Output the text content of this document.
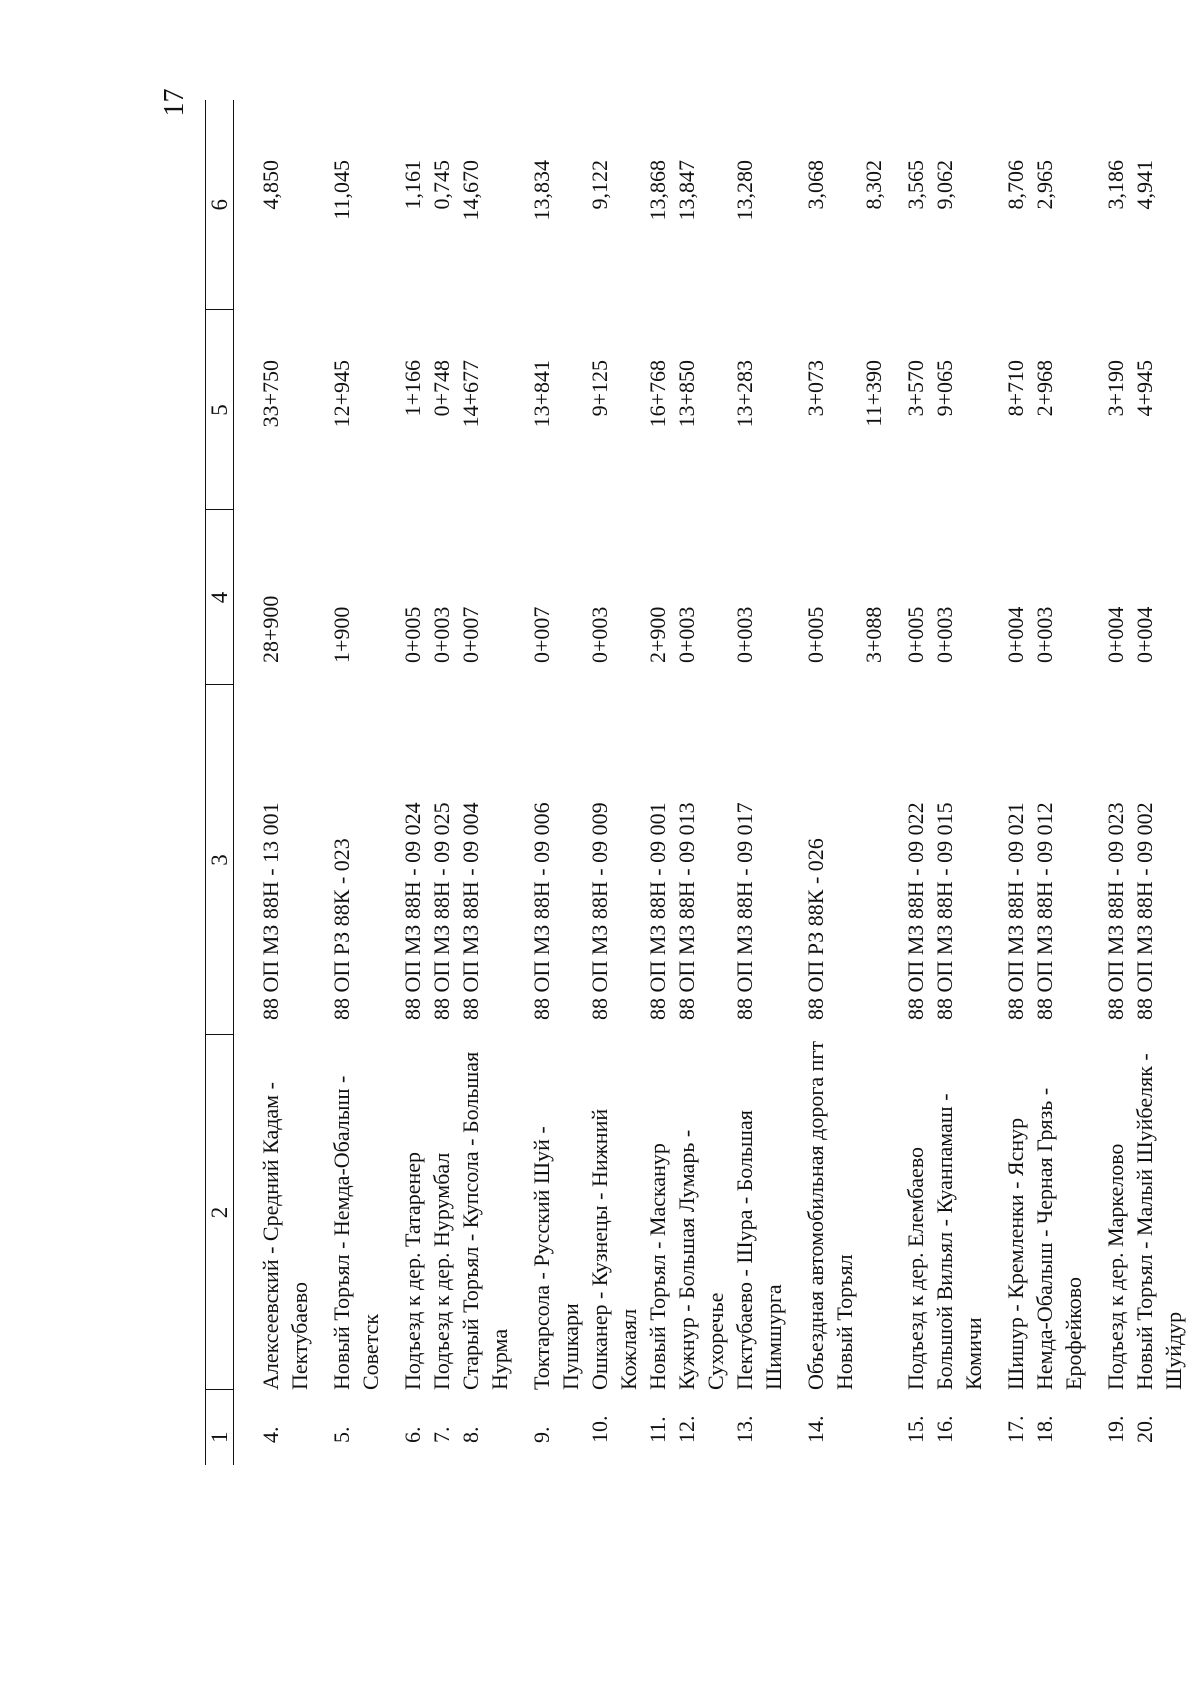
17
1	2	3	4	5	6
4.	Алексеевский - Средний Кадам - Пектубаево	88 ОП МЗ 88Н - 13 001	28+900	33+750	4,850
5.	Новый Торъял - Немда-Обалыш - Советск	88 ОП РЗ 88К - 023	1+900	12+945	11,045
6.	Подъезд к дер. Татаренер	88 ОП МЗ 88Н - 09 024	0+005	1+166	1,161
7.	Подъезд к дер. Нурумбал	88 ОП МЗ 88Н - 09 025	0+003	0+748	0,745
8.	Старый Торъял - Купсола - Большая Нурма	88 ОП МЗ 88Н - 09 004	0+007	14+677	14,670
9.	Токтарсола - Русский Шуй - Пушкари	88 ОП МЗ 88Н - 09 006	0+007	13+841	13,834
10.	Ошканер - Кузнецы - Нижний Кожлаял	88 ОП МЗ 88Н - 09 009	0+003	9+125	9,122
11.	Новый Торъял - Масканур	88 ОП МЗ 88Н - 09 001	2+900	16+768	13,868
12.	Кужнур - Большая Лумарь - Сухоречье	88 ОП МЗ 88Н - 09 013	0+003	13+850	13,847
13.	Пектубаево - Шура - Большая Шимшурга	88 ОП МЗ 88Н - 09 017	0+003	13+283	13,280
14.	Объездная автомобильная дорога пгт Новый Торъял	88 ОП РЗ 88К - 026	0+005	3+073	3,068

		3+088	11+390	8,302
15.	Подъезд к дер. Елембаево	88 ОП МЗ 88Н - 09 022	0+005	3+570	3,565
16.	Большой Вильял - Куанпамаш - Комичи	88 ОП МЗ 88Н - 09 015	0+003	9+065	9,062
17.	Шишур - Кремленки - Яснур	88 ОП МЗ 88Н - 09 021	0+004	8+710	8,706
18.	Немда-Обалыш - Черная Грязь - Ерофейково	88 ОП МЗ 88Н - 09 012	0+003	2+968	2,965
19.	Подъезд к дер. Маркелово	88 ОП МЗ 88Н - 09 023	0+004	3+190	3,186
20.	Новый Торъял - Малый Шуйбеляк - Шуйдур	88 ОП МЗ 88Н - 09 002	0+004	4+945	4,941
